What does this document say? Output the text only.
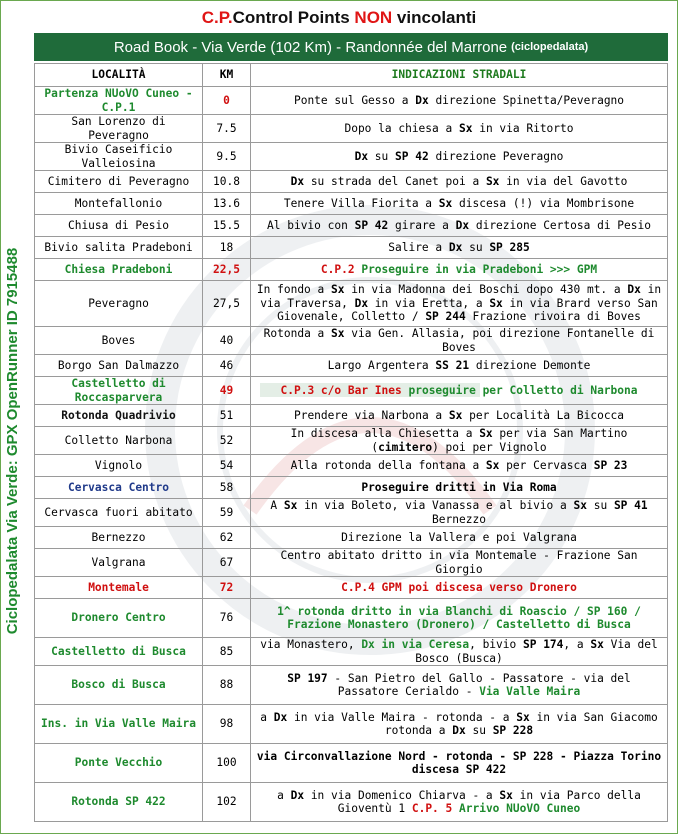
Ciclopedalata Via Verde: GPX OpenRunner ID 7915488
C.P.Control Points NON vincolanti
Road Book - Via Verde (102 Km) - Randonnée del Marrone (ciclopedalata)
LOCALITÀ	KM	INDICAZIONI STRADALI
Partenza NUoVO Cuneo - C.P.1	0	Ponte sul Gesso a Dx direzione Spinetta/Peveragno
San Lorenzo di Peveragno	7.5	Dopo la chiesa a Sx in via Ritorto
Bivio Caseificio Valleiosina	9.5	Dx su SP 42 direzione Peveragno
Cimitero di Peveragno	10.8	Dx su strada del Canet poi a Sx in via del Gavotto
Montefallonio	13.6	Tenere Villa Fiorita a Sx discesa (!) via Mombrisone
Chiusa di Pesio	15.5	Al bivio con SP 42 girare a Dx direzione Certosa di Pesio
Bivio salita Pradeboni	18	Salire a Dx su SP 285
Chiesa Pradeboni	22,5	C.P.2 Proseguire in via Pradeboni >>> GPM
Peveragno	27,5	In fondo a Sx in via Madonna dei Boschi dopo 430 mt. a Dx in via Traversa, Dx in via Eretta, a Sx in via Brard verso San Giovenale, Colletto / SP 244 Frazione rivoira di Boves
Boves	40	Rotonda a Sx via Gen. Allasia, poi direzione Fontanelle di Boves
Borgo San Dalmazzo	46	Largo Argentera SS 21 direzione Demonte
Castelletto di Roccasparvera	49	C.P.3 c/o Bar Ines proseguire per Colletto di Narbona
Rotonda Quadrivio	51	Prendere via Narbona a Sx per Località La Bicocca
Colletto Narbona	52	In discesa alla Chiesetta a Sx per via San Martino (cimitero) poi per Vignolo
Vignolo	54	Alla rotonda della fontana a Sx per Cervasca SP 23
Cervasca Centro	58	Proseguire dritti in Via Roma
Cervasca fuori abitato	59	A Sx in via Boleto, via Vanassa e al bivio a Sx su SP 41 Bernezzo
Bernezzo	62	Direzione la Vallera e poi Valgrana
Valgrana	67	Centro abitato dritto in via Montemale - Frazione San Giorgio
Montemale	72	C.P.4 GPM poi discesa verso Dronero
Dronero Centro	76	1^ rotonda dritto in via Blanchi di Roascio / SP 160 / Frazione Monastero (Dronero) / Castelletto di Busca
Castelletto di Busca	85	via Monastero, Dx in via Ceresa, bivio SP 174, a Sx Via del Bosco (Busca)
Bosco di Busca	88	SP 197 - San Pietro del Gallo - Passatore - via del Passatore Cerialdo - Via Valle Maira
Ins. in Via Valle Maira	98	a Dx in via Valle Maira - rotonda - a Sx in via San Giacomo rotonda a Dx su SP 228
Ponte Vecchio	100	via Circonvallazione Nord - rotonda - SP 228 - Piazza Torino discesa SP 422
Rotonda SP 422	102	a Dx in via Domenico Chiarva - a Sx in via Parco della Gioventù 1 C.P. 5 Arrivo NUoVO Cuneo
